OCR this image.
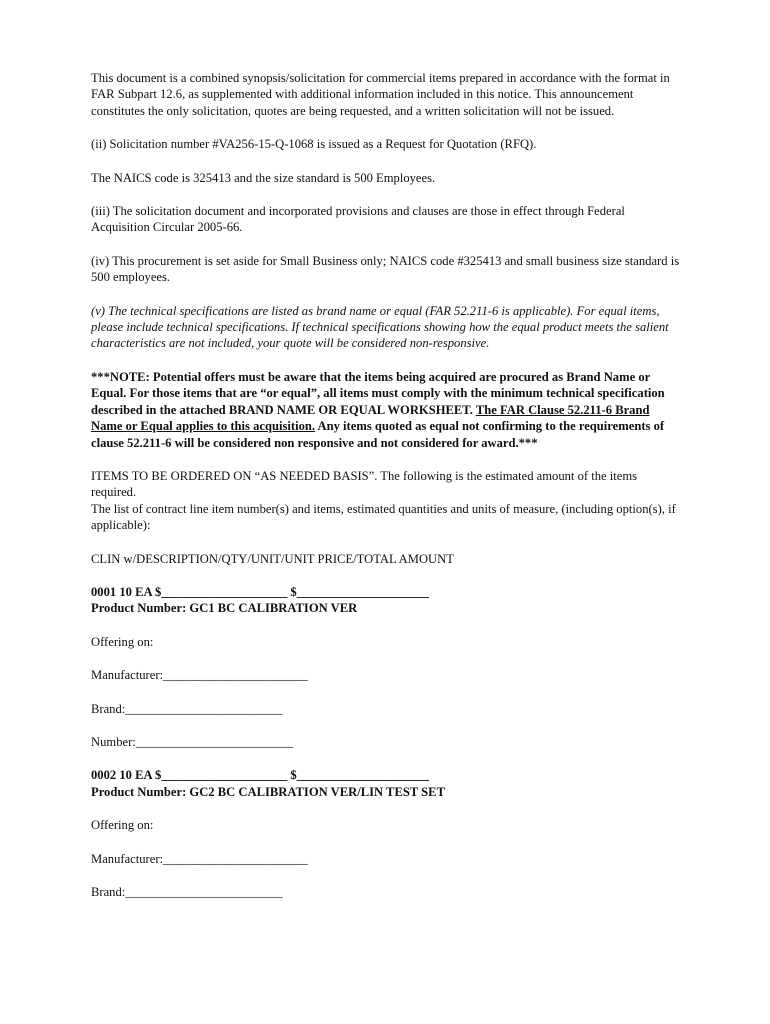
This document is a combined synopsis/solicitation for commercial items prepared in accordance with the format in FAR Subpart 12.6, as supplemented with additional information included in this notice. This announcement constitutes the only solicitation, quotes are being requested, and a written solicitation will not be issued.

(ii) Solicitation number #VA256-15-Q-1068 is issued as a Request for Quotation (RFQ).

The NAICS code is 325413 and the size standard is 500 Employees.

(iii) The solicitation document and incorporated provisions and clauses are those in effect through Federal Acquisition Circular 2005-66.

(iv) This procurement is set aside for Small Business only; NAICS code #325413 and small business size standard is 500 employees.

(v) The technical specifications are listed as brand name or equal (FAR 52.211-6 is applicable). For equal items, please include technical specifications. If technical specifications showing how the equal product meets the salient characteristics are not included, your quote will be considered non-responsive.

***NOTE: Potential offers must be aware that the items being acquired are procured as Brand Name or Equal. For those items that are “or equal”, all items must comply with the minimum technical specification described in the attached BRAND NAME OR EQUAL WORKSHEET. The FAR Clause 52.211-6 Brand Name or Equal applies to this acquisition. Any items quoted as equal not confirming to the requirements of clause 52.211-6 will be considered non responsive and not considered for award.***

ITEMS TO BE ORDERED ON “AS NEEDED BASIS”. The following is the estimated amount of the items required.

The list of contract line item number(s) and items, estimated quantities and units of measure, (including option(s), if applicable):

CLIN w/DESCRIPTION/QTY/UNIT/UNIT PRICE/TOTAL AMOUNT

0001 10 EA $____________________ $_____________________

Product Number: GC1 BC CALIBRATION VER

Offering on:

Manufacturer:_______________________

Brand:_________________________

Number:_________________________

0002 10 EA $____________________ $_____________________

Product Number: GC2 BC CALIBRATION VER/LIN TEST SET

Offering on:

Manufacturer:_______________________

Brand:_________________________
